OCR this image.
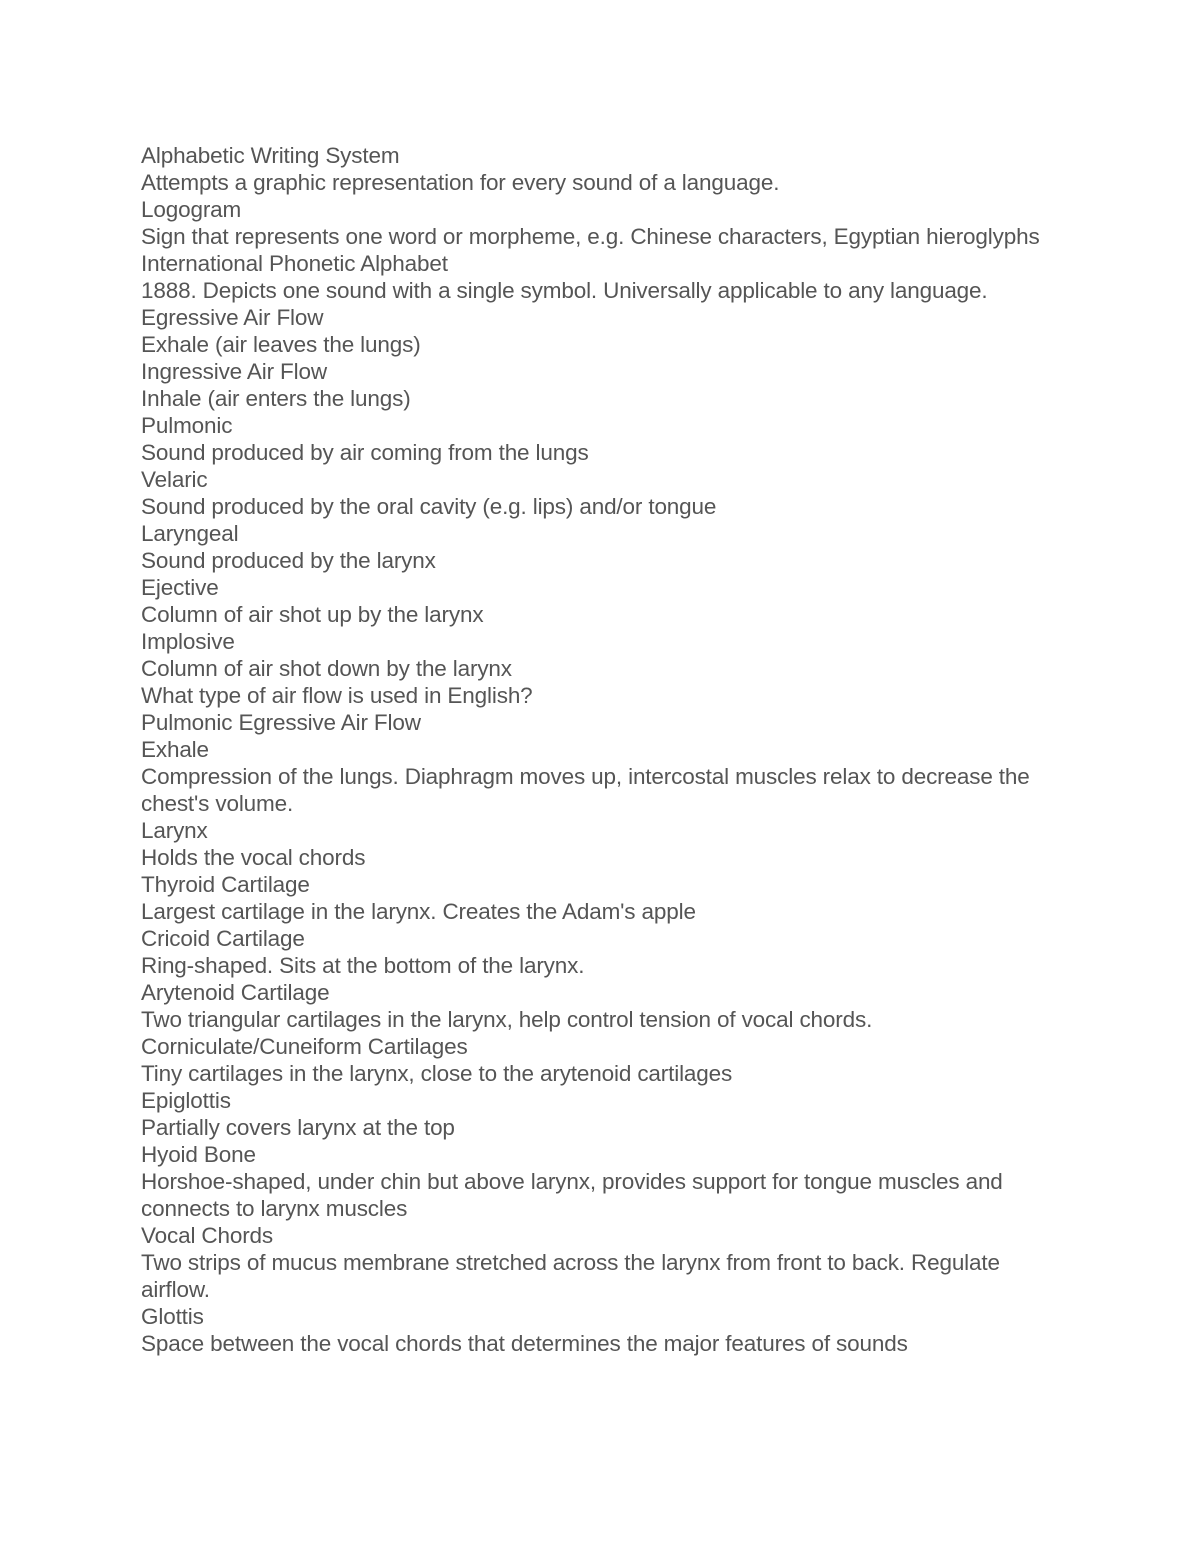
Alphabetic Writing System

Attempts a graphic representation for every sound of a language.

Logogram

Sign that represents one word or morpheme, e.g. Chinese characters, Egyptian hieroglyphs

International Phonetic Alphabet

1888. Depicts one sound with a single symbol. Universally applicable to any language.

Egressive Air Flow

Exhale (air leaves the lungs)

Ingressive Air Flow

Inhale (air enters the lungs)

Pulmonic

Sound produced by air coming from the lungs

Velaric

Sound produced by the oral cavity (e.g. lips) and/or tongue

Laryngeal

Sound produced by the larynx

Ejective

Column of air shot up by the larynx

Implosive

Column of air shot down by the larynx

What type of air flow is used in English?

Pulmonic Egressive Air Flow

Exhale

Compression of the lungs. Diaphragm moves up, intercostal muscles relax to decrease the chest's volume.

Larynx

Holds the vocal chords

Thyroid Cartilage

Largest cartilage in the larynx. Creates the Adam's apple

Cricoid Cartilage

Ring-shaped. Sits at the bottom of the larynx.

Arytenoid Cartilage

Two triangular cartilages in the larynx, help control tension of vocal chords.

Corniculate/Cuneiform Cartilages

Tiny cartilages in the larynx, close to the arytenoid cartilages

Epiglottis

Partially covers larynx at the top

Hyoid Bone

Horshoe-shaped, under chin but above larynx, provides support for tongue muscles and connects to larynx muscles

Vocal Chords

Two strips of mucus membrane stretched across the larynx from front to back. Regulate airflow.

Glottis

Space between the vocal chords that determines the major features of sounds
